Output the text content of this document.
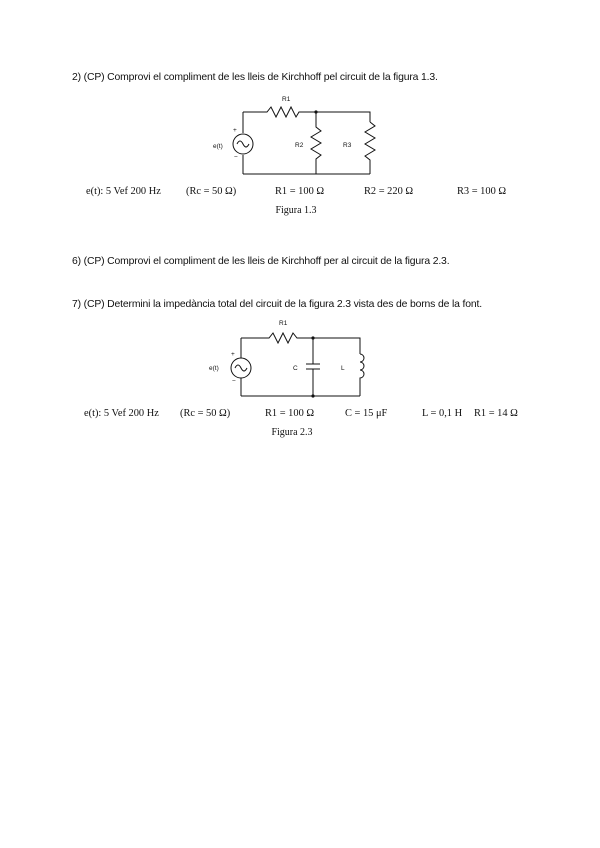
2) (CP) Comprovi el compliment de les lleis de Kirchhoff pel circuit de la figura 1.3.
R1
R2	R3
e(t)
+
−
e(t): 5 Vef 200 Hz (Rc = 50 Ω)	R1 = 100 Ω	R2 = 220 Ω	R3 = 100 Ω
Figura 1.3
6) (CP) Comprovi el compliment de les lleis de Kirchhoff per al circuit de la figura 2.3.
7) (CP) Determini la impedància total del circuit de la figura 2.3 vista des de borns de la font.
R1
C	L
e(t)
+
−
e(t): 5 Vef 200 Hz (Rc = 50 Ω)	R1 = 100 Ω	C = 15 μF	L = 0,1 H R1 = 14 Ω
Figura 2.3
